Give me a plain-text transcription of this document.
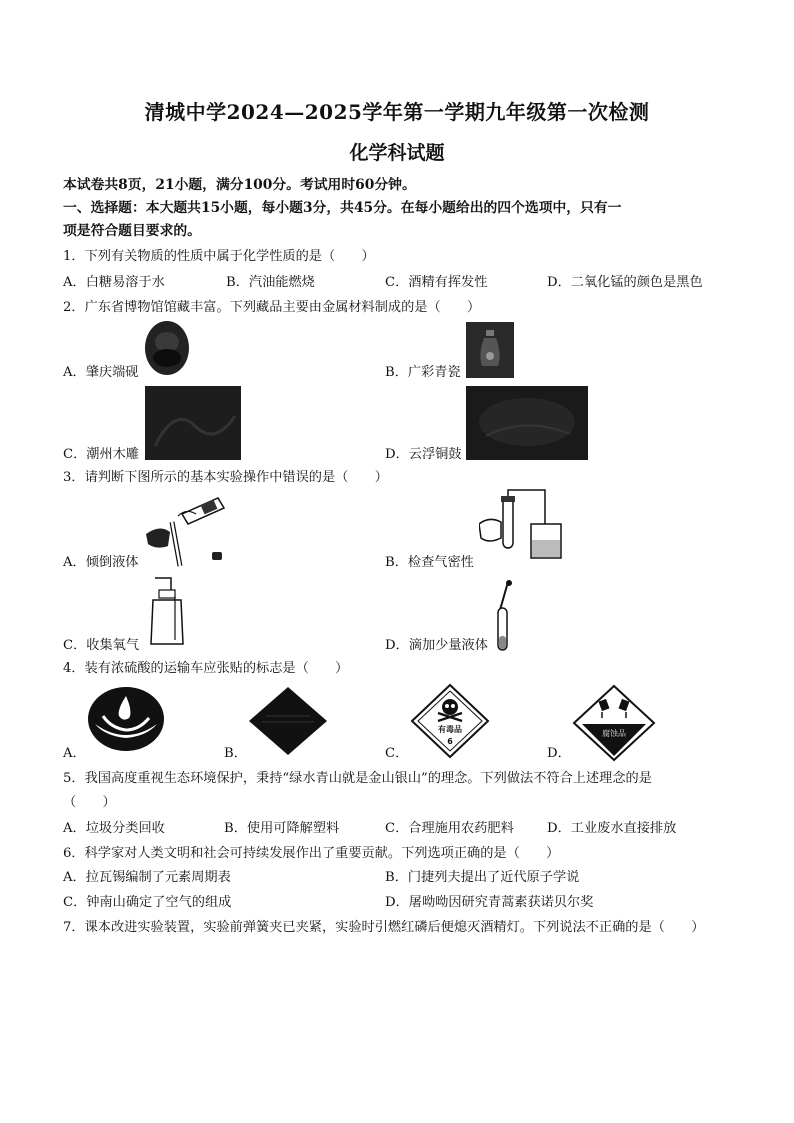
清城中学2024—2025学年第一学期九年级第一次检测
化学科试题
本试卷共8页，21小题，满分100分。考试用时60分钟。
一、选择题：本大题共15小题，每小题3分，共45分。在每小题给出的四个选项中，只有一
项是符合题目要求的。
1．下列有关物质的性质中属于化学性质的是（　　）
A．白糖易溶于水	B．汽油能燃烧	C．酒精有挥发性	D．二氧化锰的颜色是黑色
2．广东省博物馆馆藏丰富。下列藏品主要由金属材料制成的是（　　）
A．肇庆端砚	B．广彩青瓷
C．潮州木雕	D．云浮铜鼓
3．请判断下图所示的基本实验操作中错误的是（　　）
A．倾倒液体	B．检查气密性
C．收集氧气	D．滴加少量液体
4．装有浓硫酸的运输车应张贴的标志是（　　）
A．	B．
有毒品
6
C．
腐蚀品
D．
5．我国高度重视生态环境保护，秉持“绿水青山就是金山银山”的理念。下列做法不符合上述理念的是
（　　）
A．垃圾分类回收	B．使用可降解塑料	C．合理施用农药肥料	D．工业废水直接排放
6．科学家对人类文明和社会可持续发展作出了重要贡献。下列选项正确的是（　　）
A．拉瓦锡编制了元素周期表	B．门捷列夫提出了近代原子学说
C．钟南山确定了空气的组成	D．屠呦呦因研究青蒿素获诺贝尔奖
7．课本改进实验装置，实验前弹簧夹已夹紧，实验时引燃红磷后便熄灭酒精灯。下列说法不正确的是（　　）
